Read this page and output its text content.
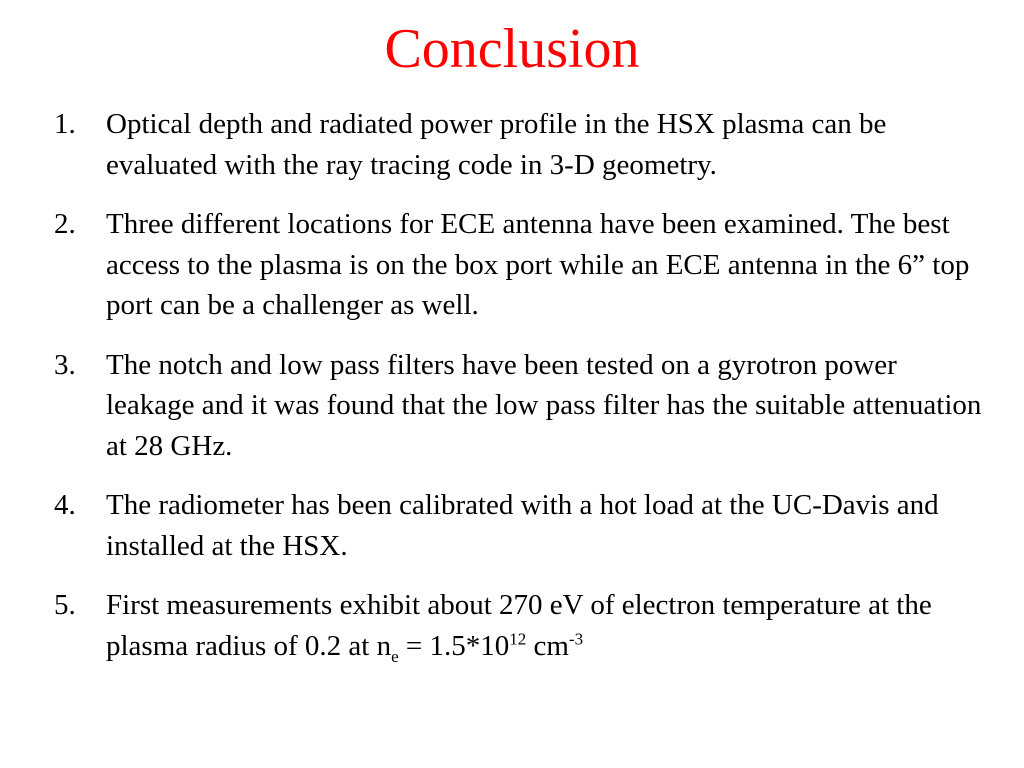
Conclusion
1.	Optical depth and radiated power profile in the HSX plasma can be evaluated with the ray tracing code in 3-D geometry.
2.	Three different locations for ECE antenna have been examined. The best access to the plasma is on the box port while an ECE antenna in the 6” top port can be a challenger as well.
3.	The notch and low pass filters have been tested on a gyrotron power leakage and it was found that the low pass filter has the suitable attenuation at 28 GHz.
4.	The radiometer has been calibrated with a hot load at the UC-Davis and installed at the HSX.
5.	First measurements exhibit about 270 eV of electron temperature at the plasma radius of 0.2 at $n_e = 1.5*10^{12}$ $cm^{-3}$
